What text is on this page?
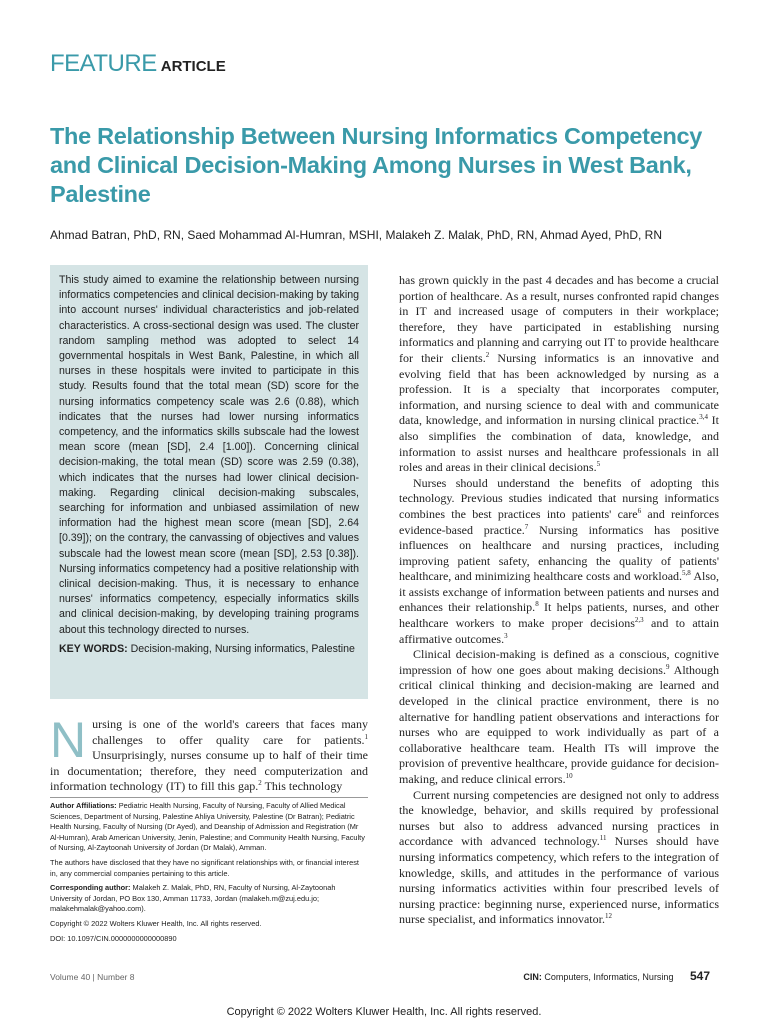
FEATURE ARTICLE
The Relationship Between Nursing Informatics Competency and Clinical Decision-Making Among Nurses in West Bank, Palestine
Ahmad Batran, PhD, RN, Saed Mohammad Al-Humran, MSHI, Malakeh Z. Malak, PhD, RN, Ahmad Ayed, PhD, RN
This study aimed to examine the relationship between nursing informatics competencies and clinical decision-making by taking into account nurses' individual characteristics and job-related characteristics. A cross-sectional design was used. The cluster random sampling method was adopted to select 14 governmental hospitals in West Bank, Palestine, in which all nurses in these hospitals were invited to participate in this study. Results found that the total mean (SD) score for the nursing informatics competency scale was 2.6 (0.88), which indicates that the nurses had lower nursing informatics competency, and the informatics skills subscale had the lowest mean score (mean [SD], 2.4 [1.00]). Concerning clinical decision-making, the total mean (SD) score was 2.59 (0.38), which indicates that the nurses had lower clinical decision-making. Regarding clinical decision-making subscales, searching for information and unbiased assimilation of new information had the highest mean score (mean [SD], 2.64 [0.39]); on the contrary, the canvassing of objectives and values subscale had the lowest mean score (mean [SD], 2.53 [0.38]). Nursing informatics competency had a positive relationship with clinical decision-making. Thus, it is necessary to enhance nurses' informatics competency, especially informatics skills and clinical decision-making, by developing training programs about this technology directed to nurses.
KEY WORDS: Decision-making, Nursing informatics, Palestine
Nursing is one of the world's careers that faces many challenges to offer quality care for patients.$^1$ Unsurprisingly, nurses consume up to half of their time in documentation; therefore, they need computerization and information technology (IT) to fill this gap.$^2$ This technology

Author Affiliations: Pediatric Health Nursing, Faculty of Nursing, Faculty of Allied Medical Sciences, Department of Nursing, Palestine Ahliya University, Palestine (Dr Batran); Pediatric Health Nursing, Faculty of Nursing (Dr Ayed), and Deanship of Admission and Registration (Mr Al-Humran), Arab American University, Jenin, Palestine; and Community Health Nursing, Faculty of Nursing, Al-Zaytoonah University of Jordan (Dr Malak), Amman.

The authors have disclosed that they have no significant relationships with, or financial interest in, any commercial companies pertaining to this article.

Corresponding author: Malakeh Z. Malak, PhD, RN, Faculty of Nursing, Al-Zaytoonah University of Jordan, PO Box 130, Amman 11733, Jordan (malakeh.m@zuj.edu.jo; malakehmalak@yahoo.com).

Copyright © 2022 Wolters Kluwer Health, Inc. All rights reserved.

DOI: 10.1097/CIN.0000000000000890

has grown quickly in the past 4 decades and has become a crucial portion of healthcare. As a result, nurses confronted rapid changes in IT and increased usage of computers in their workplace; therefore, they have participated in establishing nursing informatics and planning and carrying out IT to provide healthcare for their clients.$^2$ Nursing informatics is an innovative and evolving field that has been acknowledged by nursing as a profession. It is a specialty that incorporates computer, information, and nursing science to deal with and communicate data, knowledge, and information in nursing clinical practice.$^{3,4}$ It also simplifies the combination of data, knowledge, and information to assist nurses and healthcare professionals in all roles and areas in their clinical decisions.$^5$

Nurses should understand the benefits of adopting this technology. Previous studies indicated that nursing informatics combines the best practices into patients' care$^6$ and reinforces evidence-based practice.$^7$ Nursing informatics has positive influences on healthcare and nursing practices, including improving patient safety, enhancing the quality of patients' healthcare, and minimizing healthcare costs and workload.$^{5,8}$ Also, it assists exchange of information between patients and nurses and enhances their relationship.$^8$ It helps patients, nurses, and other healthcare workers to make proper decisions$^{2,3}$ and to attain affirmative outcomes.$^3$

Clinical decision-making is defined as a conscious, cognitive impression of how one goes about making decisions.$^9$ Although critical clinical thinking and decision-making are learned and developed in the clinical practice environment, there is no alternative for handling patient observations and interactions for nurses who are equipped to work individually as part of a collaborative healthcare team. Health ITs will improve the provision of preventive healthcare, provide guidance for decision-making, and reduce clinical errors.$^{10}$

Current nursing competencies are designed not only to address the knowledge, behavior, and skills required by professional nurses but also to address advanced nursing practices in accordance with advanced technology.$^{11}$ Nurses should have nursing informatics competency, which refers to the integration of knowledge, skills, and attitudes in the performance of various nursing informatics activities within four prescribed levels of nursing practice: beginning nurse, experienced nurse, informatics nurse specialist, and informatics innovator.$^{12}$

Volume 40 | Number 8	CIN: Computers, Informatics, Nursing 547
Copyright © 2022 Wolters Kluwer Health, Inc. All rights reserved.
